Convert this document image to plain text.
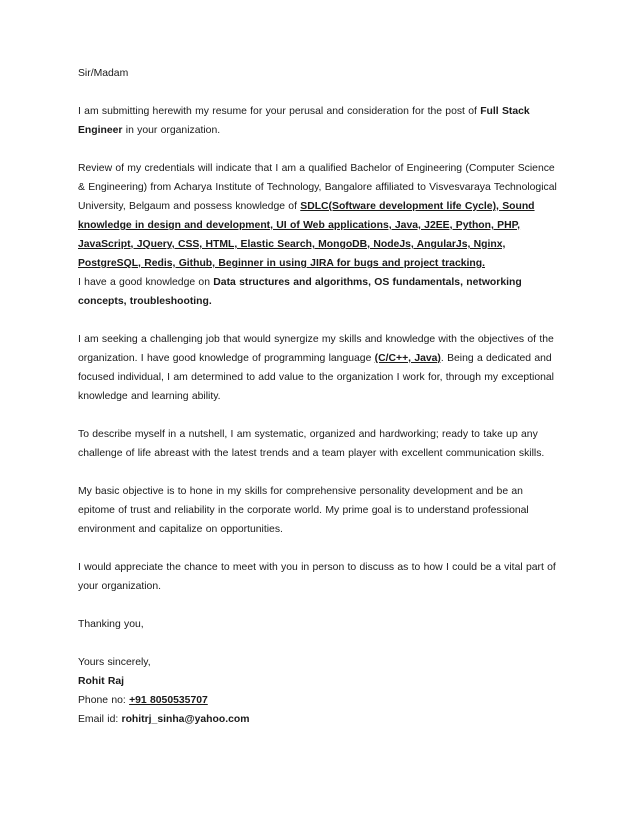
Sir/Madam

I am submitting herewith my resume for your perusal and consideration for the post of Full Stack Engineer in your organization.

Review of my credentials will indicate that I am a qualified Bachelor of Engineering (Computer Science & Engineering) from Acharya Institute of Technology, Bangalore affiliated to Visvesvaraya Technological University, Belgaum and possess knowledge of SDLC(Software development life Cycle), Sound knowledge in design and development, UI of Web applications, Java, J2EE, Python, PHP, JavaScript, JQuery, CSS, HTML, Elastic Search, MongoDB, NodeJs, AngularJs, Nginx, PostgreSQL, Redis, Github, Beginner in using JIRA for bugs and project tracking.

I have a good knowledge on Data structures and algorithms, OS fundamentals, networking concepts, troubleshooting.

I am seeking a challenging job that would synergize my skills and knowledge with the objectives of the organization. I have good knowledge of programming language (C/C++, Java). Being a dedicated and focused individual, I am determined to add value to the organization I work for, through my exceptional knowledge and learning ability.

To describe myself in a nutshell, I am systematic, organized and hardworking; ready to take up any challenge of life abreast with the latest trends and a team player with excellent communication skills.

My basic objective is to hone in my skills for comprehensive personality development and be an epitome of trust and reliability in the corporate world. My prime goal is to understand professional environment and capitalize on opportunities.

I would appreciate the chance to meet with you in person to discuss as to how I could be a vital part of your organization.

Thanking you,

Yours sincerely,
Rohit Raj
Phone no: +91 8050535707
Email id: rohitrj_sinha@yahoo.com
